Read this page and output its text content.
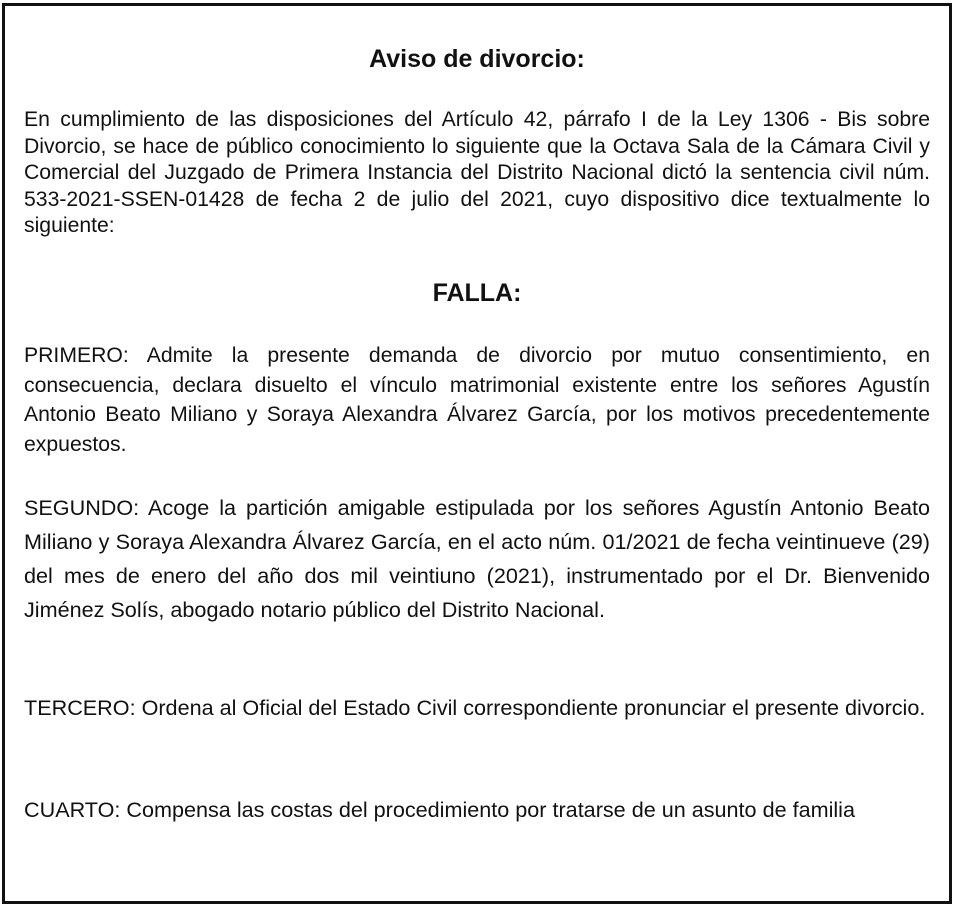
Aviso de divorcio:

En cumplimiento de las disposiciones del Artículo 42, párrafo I de la Ley 1306 - Bis sobre Divorcio, se hace de público conocimiento lo siguiente que la Octava Sala de la Cámara Civil y Comercial del Juzgado de Primera Instancia del Distrito Nacional dictó la sentencia civil núm. 533-2021-SSEN-01428 de fecha 2 de julio del 2021, cuyo dispositivo dice textualmente lo siguiente:

FALLA:

PRIMERO: Admite la presente demanda de divorcio por mutuo consentimiento, en consecuencia, declara disuelto el vínculo matrimonial existente entre los señores Agustín Antonio Beato Miliano y Soraya Alexandra Álvarez García, por los motivos precedentemente expuestos.

SEGUNDO: Acoge la partición amigable estipulada por los señores Agustín Antonio Beato Miliano y Soraya Alexandra Álvarez García, en el acto núm. 01/2021 de fecha veintinueve (29) del mes de enero del año dos mil veintiuno (2021), instrumentado por el Dr. Bienvenido Jiménez Solís, abogado notario público del Distrito Nacional.

TERCERO: Ordena al Oficial del Estado Civil correspondiente pronunciar el presente divorcio.

CUARTO: Compensa las costas del procedimiento por tratarse de un asunto de familia
